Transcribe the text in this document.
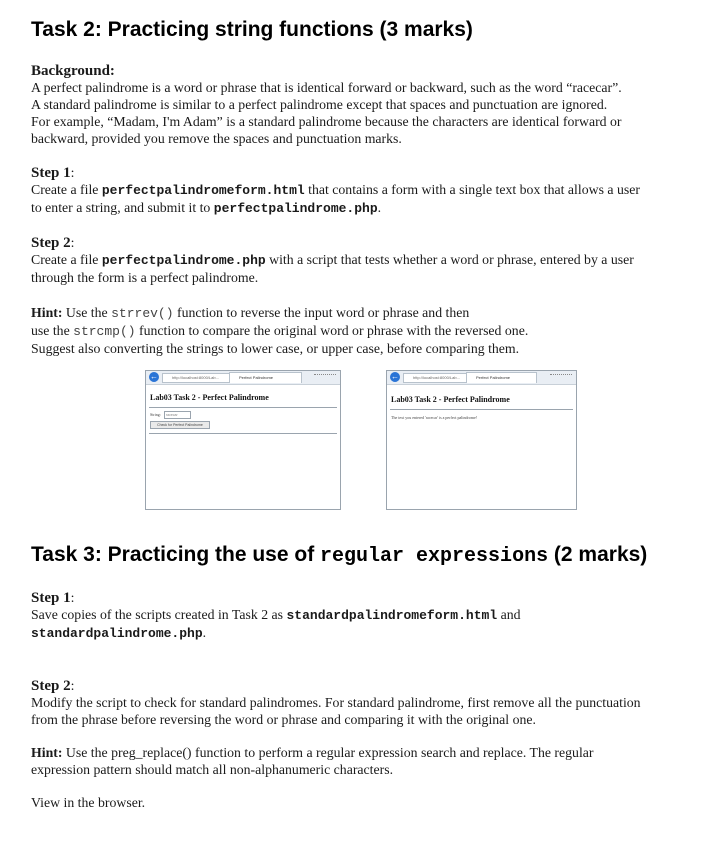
Task 2: Practicing string functions (3 marks)

Background:

A perfect palindrome is a word or phrase that is identical forward or backward, such as the word “racecar”.

A standard palindrome is similar to a perfect palindrome except that spaces and punctuation are ignored.

For example, “Madam, I'm Adam” is a standard palindrome because the characters are identical forward or

backward, provided you remove the spaces and punctuation marks.

Step 1:

Create a file perfectpalindromeform.html that contains a form with a single text box that allows a user

to enter a string, and submit it to perfectpalindrome.php.

Step 2:

Create a file perfectpalindrome.php with a script that tests whether a word or phrase, entered by a user

through the form is a perfect palindrome.

Hint: Use the strrev() function to reverse the input word or phrase and then

use the strcmp() function to compare the original word or phrase with the reversed one.

Suggest also converting the strings to lower case, or upper case, before comparing them.

←	http://localhost:8000/Lab...	Perfect Palindrome
Lab03 Task 2 - Perfect Palindrome
String:	racecar
Check for Perfect Palindrome
←	http://localhost:8000/Lab...	Perfect Palindrome
Lab03 Task 2 - Perfect Palindrome
The text you entered 'racecar' is a perfect palindrome!
Task 3: Practicing the use of regular expressions (2 marks)

Step 1:

Save copies of the scripts created in Task 2 as standardpalindromeform.html and

standardpalindrome.php.

Step 2:

Modify the script to check for standard palindromes. For standard palindrome, first remove all the punctuation

from the phrase before reversing the word or phrase and comparing it with the original one.

Hint: Use the preg_replace() function to perform a regular expression search and replace. The regular

expression pattern should match all non-alphanumeric characters.

View in the browser.
